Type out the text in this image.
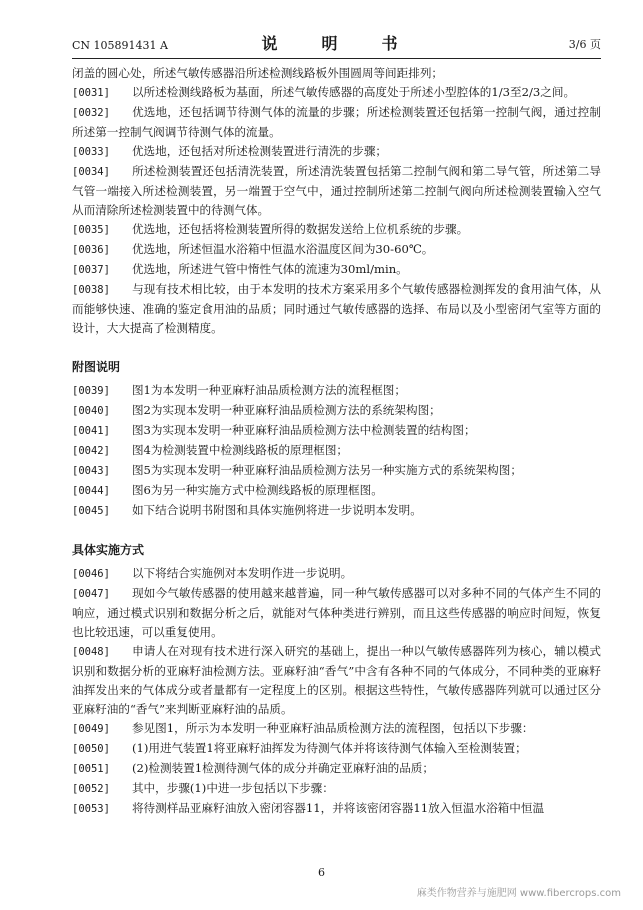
CN 105891431 A	说　明　书	3/6 页

闭盖的圆心处，所述气敏传感器沿所述检测线路板外围圆周等间距排列；

[0031] 以所述检测线路板为基面，所述气敏传感器的高度处于所述小型腔体的1/3至2/3之间。

[0032] 优选地，还包括调节待测气体的流量的步骤；所述检测装置还包括第一控制气阀，通过控制所述第一控制气阀调节待测气体的流量。

[0033] 优选地，还包括对所述检测装置进行清洗的步骤；

[0034] 所述检测装置还包括清洗装置，所述清洗装置包括第二控制气阀和第二导气管，所述第二导气管一端接入所述检测装置，另一端置于空气中，通过控制所述第二控制气阀向所述检测装置输入空气从而清除所述检测装置中的待测气体。

[0035] 优选地，还包括将检测装置所得的数据发送给上位机系统的步骤。

[0036] 优选地，所述恒温水浴箱中恒温水浴温度区间为30-60℃。

[0037] 优选地，所述进气管中惰性气体的流速为30ml/min。

[0038] 与现有技术相比较，由于本发明的技术方案采用多个气敏传感器检测挥发的食用油气体，从而能够快速、准确的鉴定食用油的品质；同时通过气敏传感器的选择、布局以及小型密闭气室等方面的设计，大大提高了检测精度。

附图说明

[0039] 图1为本发明一种亚麻籽油品质检测方法的流程框图；

[0040] 图2为实现本发明一种亚麻籽油品质检测方法的系统架构图；

[0041] 图3为实现本发明一种亚麻籽油品质检测方法中检测装置的结构图；

[0042] 图4为检测装置中检测线路板的原理框图；

[0043] 图5为实现本发明一种亚麻籽油品质检测方法另一种实施方式的系统架构图；

[0044] 图6为另一种实施方式中检测线路板的原理框图。

[0045] 如下结合说明书附图和具体实施例将进一步说明本发明。

具体实施方式

[0046] 以下将结合实施例对本发明作进一步说明。

[0047] 现如今气敏传感器的使用越来越普遍，同一种气敏传感器可以对多种不同的气体产生不同的响应，通过模式识别和数据分析之后，就能对气体种类进行辨别，而且这些传感器的响应时间短，恢复也比较迅速，可以重复使用。

[0048] 申请人在对现有技术进行深入研究的基础上，提出一种以气敏传感器阵列为核心，辅以模式识别和数据分析的亚麻籽油检测方法。亚麻籽油“香气”中含有各种不同的气体成分，不同种类的亚麻籽油挥发出来的气体成分或者量都有一定程度上的区别。根据这些特性，气敏传感器阵列就可以通过区分亚麻籽油的“香气”来判断亚麻籽油的品质。

[0049] 参见图1，所示为本发明一种亚麻籽油品质检测方法的流程图，包括以下步骤：

[0050] (1)用进气装置1将亚麻籽油挥发为待测气体并将该待测气体输入至检测装置；

[0051] (2)检测装置1检测待测气体的成分并确定亚麻籽油的品质；

[0052] 其中，步骤(1)中进一步包括以下步骤：

[0053] 将待测样品亚麻籽油放入密闭容器11，并将该密闭容器11放入恒温水浴箱中恒温

6
麻类作物营养与施肥网 www.fibercrops.com
